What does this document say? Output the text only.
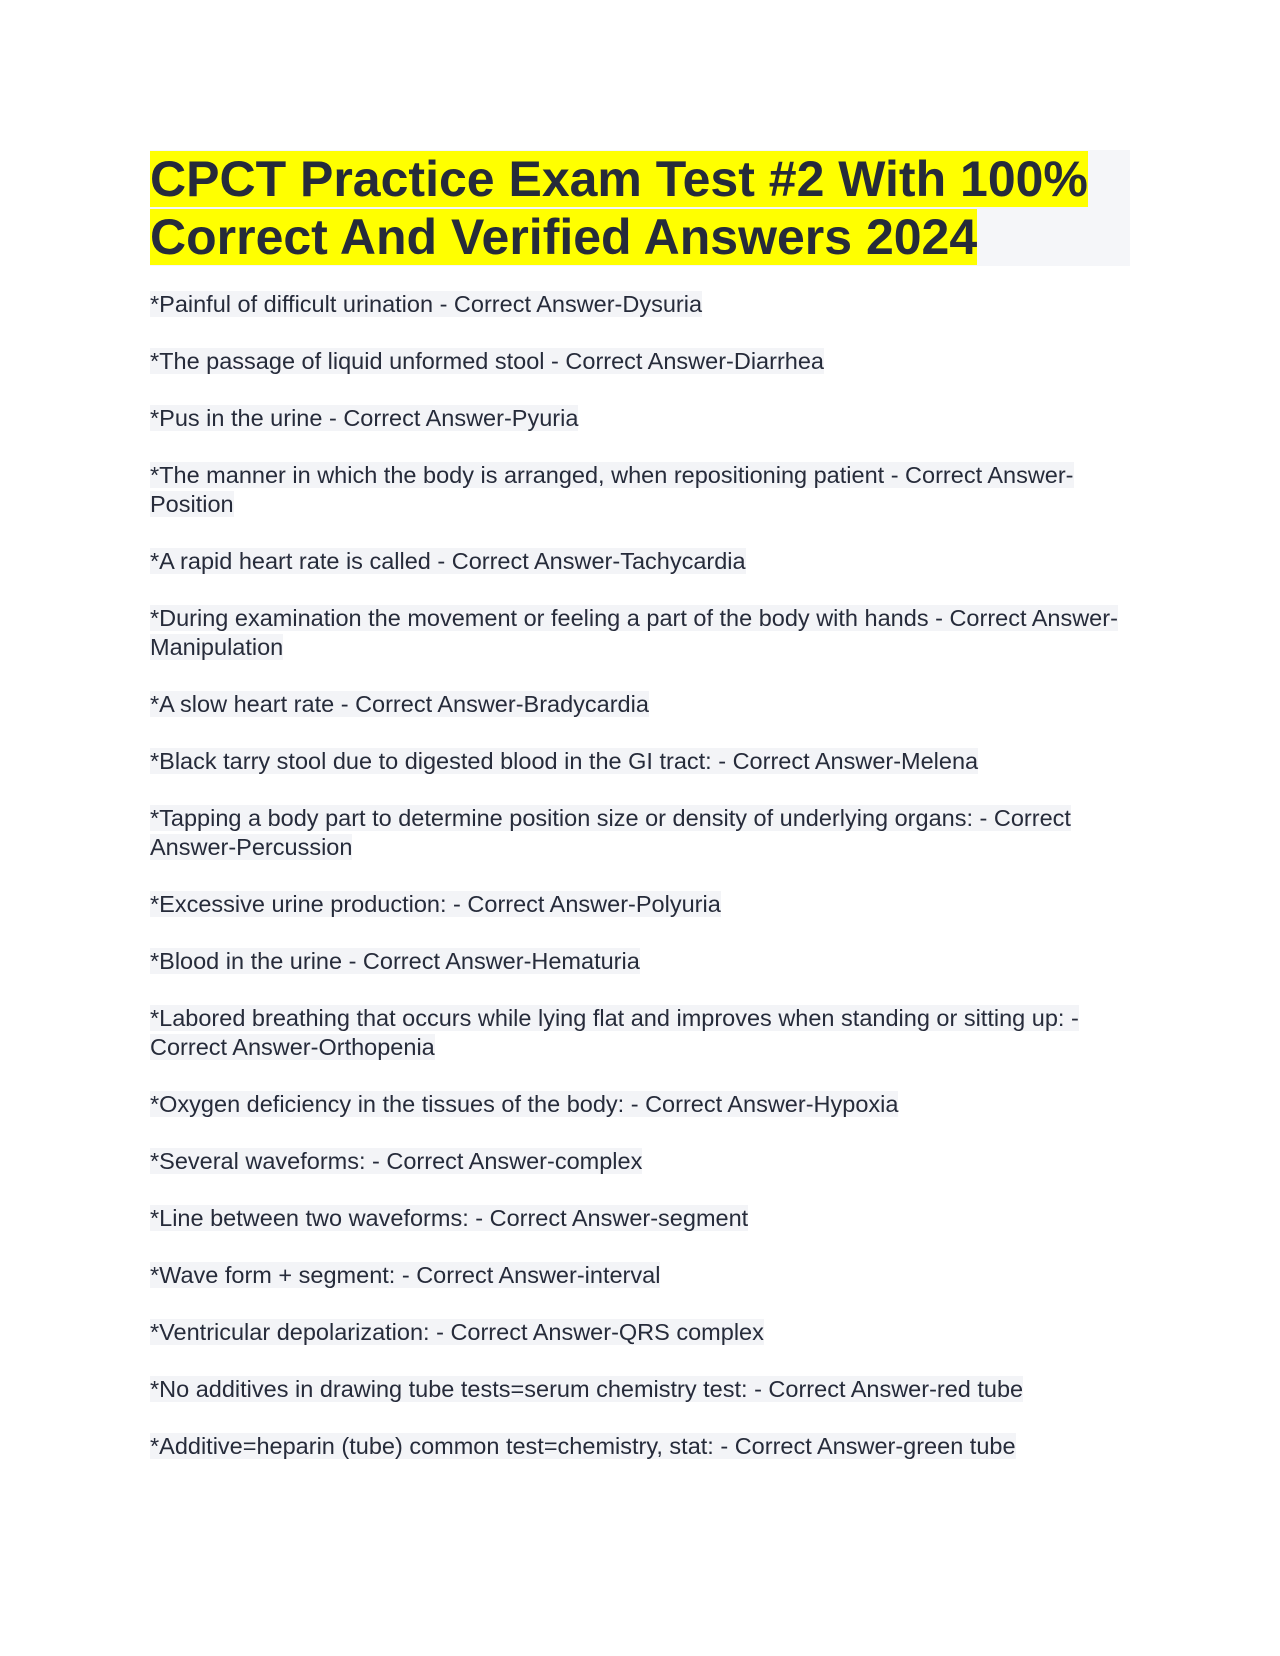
CPCT Practice Exam Test #2 With 100% Correct And Verified Answers 2024
*Painful of difficult urination - Correct Answer-Dysuria
*The passage of liquid unformed stool - Correct Answer-Diarrhea
*Pus in the urine - Correct Answer-Pyuria
*The manner in which the body is arranged, when repositioning patient - Correct Answer-Position
*A rapid heart rate is called - Correct Answer-Tachycardia
*During examination the movement or feeling a part of the body with hands - Correct Answer-Manipulation
*A slow heart rate - Correct Answer-Bradycardia
*Black tarry stool due to digested blood in the GI tract: - Correct Answer-Melena
*Tapping a body part to determine position size or density of underlying organs: - Correct Answer-Percussion
*Excessive urine production: - Correct Answer-Polyuria
*Blood in the urine - Correct Answer-Hematuria
*Labored breathing that occurs while lying flat and improves when standing or sitting up: - Correct Answer-Orthopenia
*Oxygen deficiency in the tissues of the body: - Correct Answer-Hypoxia
*Several waveforms: - Correct Answer-complex
*Line between two waveforms: - Correct Answer-segment
*Wave form + segment: - Correct Answer-interval
*Ventricular depolarization: - Correct Answer-QRS complex
*No additives in drawing tube tests=serum chemistry test: - Correct Answer-red tube
*Additive=heparin (tube) common test=chemistry, stat: - Correct Answer-green tube
